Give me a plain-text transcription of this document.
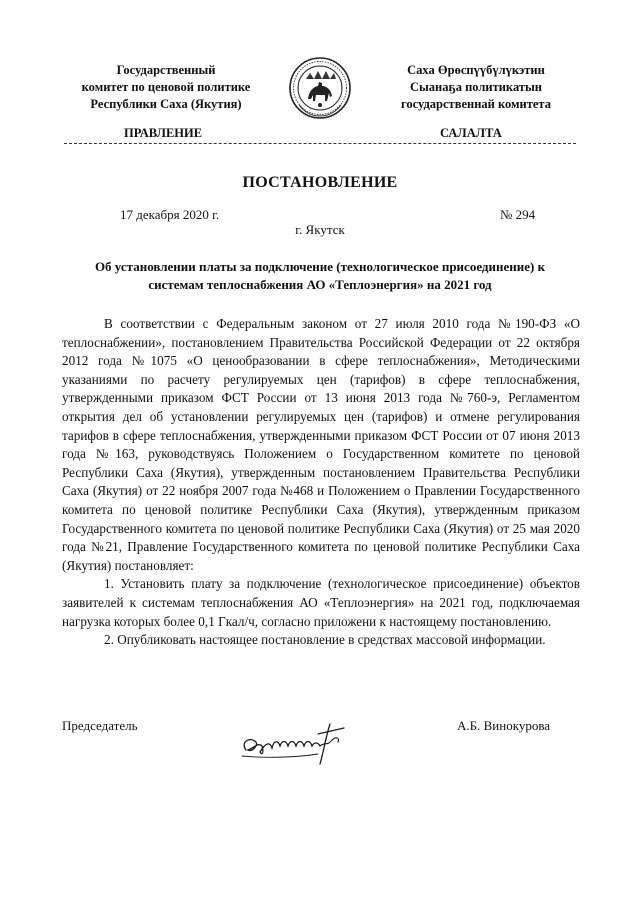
Государственный
комитет по ценовой политике
Республики Саха (Якутия)
Саха Өрөспүүбүлүкэтин
Сыанаҕа политикатын
государственнай комитета
ПРАВЛЕНИЕ	САЛАЛТА
ПОСТАНОВЛЕНИЕ
17 декабря 2020 г.	№ 294
г. Якутск
Об установлении платы за подключение (технологическое присоединение) к системам теплоснабжения АО «Теплоэнергия» на 2021 год

В соответствии с Федеральным законом от 27 июля 2010 года №190-ФЗ «О теплоснабжении», постановлением Правительства Российской Федерации от 22 октября 2012 года №1075 «О ценообразовании в сфере теплоснабжения», Методическими указаниями по расчету регулируемых цен (тарифов) в сфере теплоснабжения, утвержденными приказом ФСТ России от 13 июня 2013 года №760-э, Регламентом открытия дел об установлении регулируемых цен (тарифов) и отмене регулирования тарифов в сфере теплоснабжения, утвержденными приказом ФСТ России от 07 июня 2013 года №163, руководствуясь Положением о Государственном комитете по ценовой Республики Саха (Якутия), утвержденным постановлением Правительства Республики Саха (Якутия) от 22 ноября 2007 года №468 и Положением о Правлении Государственного комитета по ценовой политике Республики Саха (Якутия), утвержденным приказом Государственного комитета по ценовой политике Республики Саха (Якутия) от 25 мая 2020 года №21, Правление Государственного комитета по ценовой политике Республики Саха (Якутия) постановляет:

1. Установить плату за подключение (технологическое присоединение) объектов заявителей к системам теплоснабжения АО «Теплоэнергия» на 2021 год, подключаемая нагрузка которых более 0,1 Гкал/ч, согласно приложени к настоящему постановлению.

2. Опубликовать настоящее постановление в средствах массовой информации.

Председатель	А.Б. Винокурова
